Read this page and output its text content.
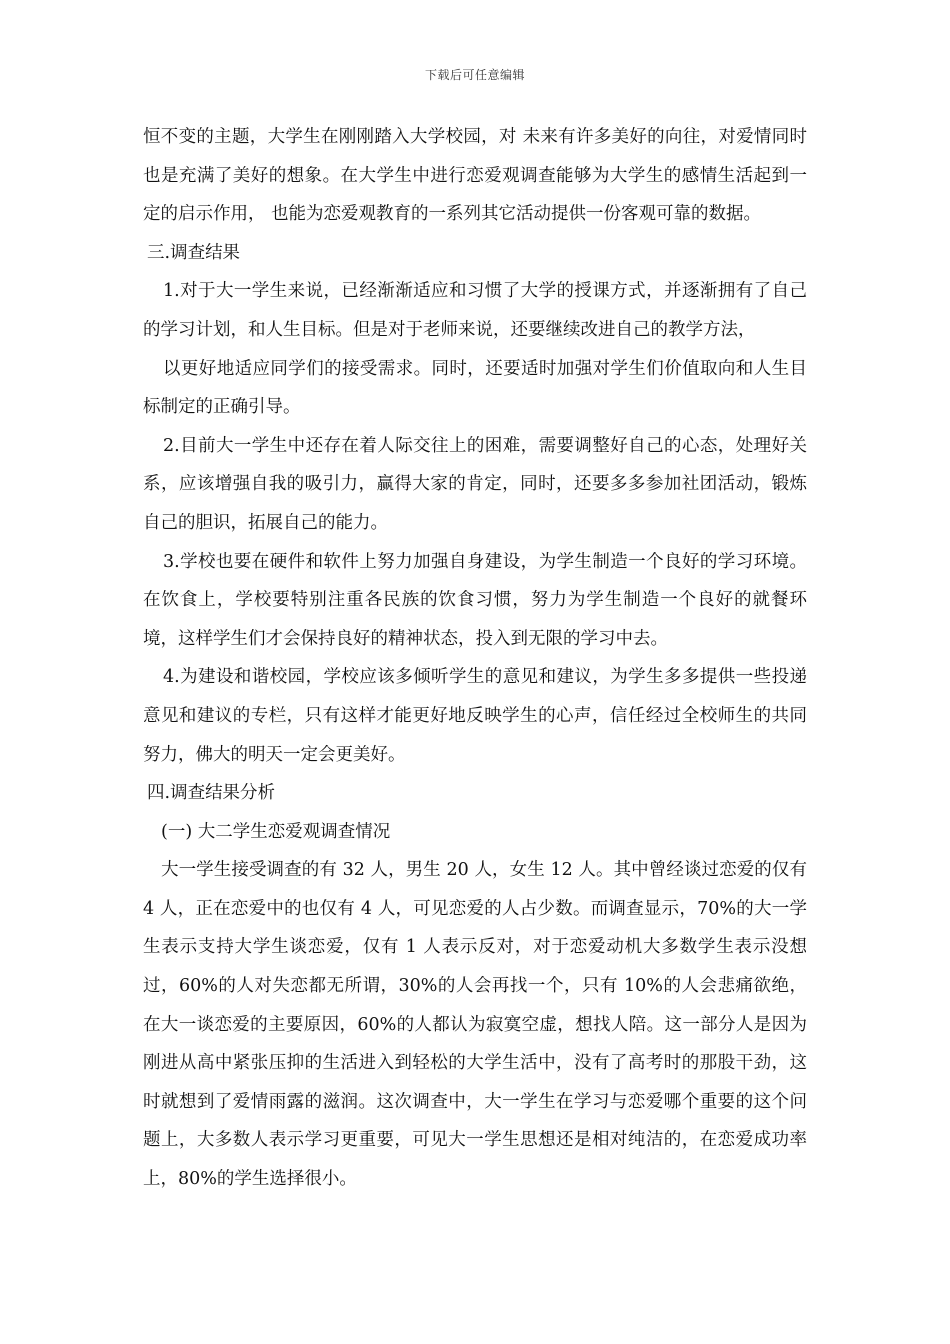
下载后可任意编辑

恒不变的主题，大学生在刚刚踏入大学校园，对 未来有许多美好的向往，对爱情同时也是充满了美好的想象。在大学生中进行恋爱观调查能够为大学生的感情生活起到一定的启示作用， 也能为恋爱观教育的一系列其它活动提供一份客观可靠的数据。

三.调查结果

1.对于大一学生来说，已经渐渐适应和习惯了大学的授课方式，并逐渐拥有了自己的学习计划，和人生目标。但是对于老师来说，还要继续改进自己的教学方法，

以更好地适应同学们的接受需求。同时，还要适时加强对学生们价值取向和人生目标制定的正确引导。

2.目前大一学生中还存在着人际交往上的困难，需要调整好自己的心态，处理好关系，应该增强自我的吸引力，赢得大家的肯定，同时，还要多多参加社团活动，锻炼自己的胆识，拓展自己的能力。

3.学校也要在硬件和软件上努力加强自身建设，为学生制造一个良好的学习环境。在饮食上，学校要特别注重各民族的饮食习惯，努力为学生制造一个良好的就餐环境，这样学生们才会保持良好的精神状态，投入到无限的学习中去。

4.为建设和谐校园，学校应该多倾听学生的意见和建议，为学生多多提供一些投递意见和建议的专栏，只有这样才能更好地反映学生的心声，信任经过全校师生的共同努力，佛大的明天一定会更美好。

四.调查结果分析

(一) 大二学生恋爱观调查情况

大一学生接受调查的有 32 人，男生 20 人，女生 12 人。其中曾经谈过恋爱的仅有 4 人，正在恋爱中的也仅有 4 人，可见恋爱的人占少数。而调查显示，70%的大一学生表示支持大学生谈恋爱，仅有 1 人表示反对，对于恋爱动机大多数学生表示没想过，60%的人对失恋都无所谓，30%的人会再找一个，只有 10%的人会悲痛欲绝，在大一谈恋爱的主要原因，60%的人都认为寂寞空虚，想找人陪。这一部分人是因为刚进从高中紧张压抑的生活进入到轻松的大学生活中，没有了高考时的那股干劲，这时就想到了爱情雨露的滋润。这次调查中，大一学生在学习与恋爱哪个重要的这个问题上，大多数人表示学习更重要，可见大一学生思想还是相对纯洁的，在恋爱成功率上，80%的学生选择很小。
